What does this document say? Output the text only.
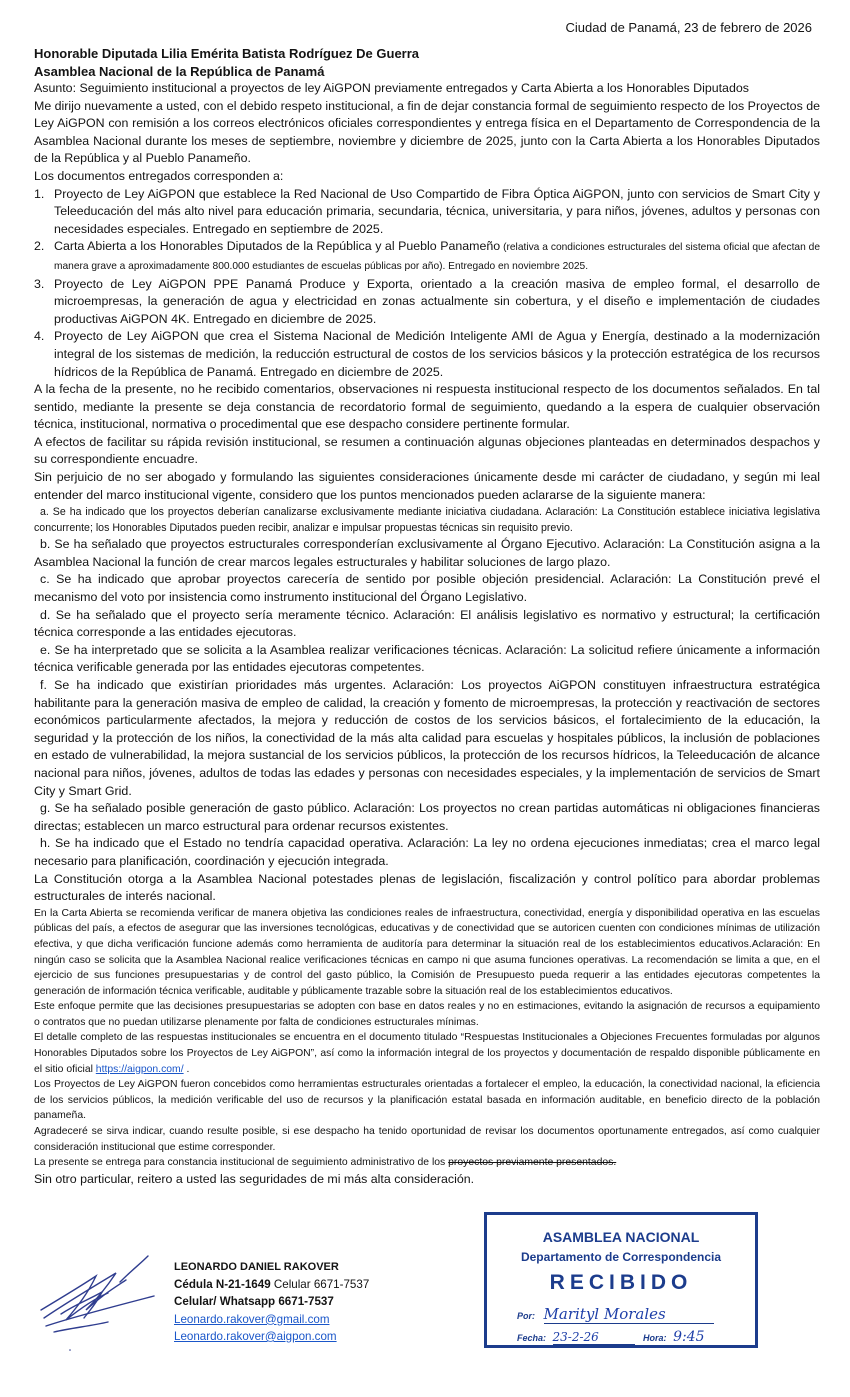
Ciudad de Panamá, 23 de febrero de 2026
Honorable Diputada Lilia Emérita Batista Rodríguez De Guerra
Asamblea Nacional de la República de Panamá

Asunto: Seguimiento institucional a proyectos de ley AiGPON previamente entregados y Carta Abierta a los Honorables Diputados

Me dirijo nuevamente a usted, con el debido respeto institucional, a fin de dejar constancia formal de seguimiento respecto de los Proyectos de Ley AiGPON con remisión a los correos electrónicos oficiales correspondientes y entrega física en el Departamento de Correspondencia de la Asamblea Nacional durante los meses de septiembre, noviembre y diciembre de 2025, junto con la Carta Abierta a los Honorables Diputados de la República y al Pueblo Panameño.

Los documentos entregados corresponden a:

1. Proyecto de Ley AiGPON que establece la Red Nacional de Uso Compartido de Fibra Óptica AiGPON, junto con servicios de Smart City y Teleeducación del más alto nivel para educación primaria, secundaria, técnica, universitaria, y para niños, jóvenes, adultos y personas con necesidades especiales. Entregado en septiembre de 2025.
2. Carta Abierta a los Honorables Diputados de la República y al Pueblo Panameño (relativa a condiciones estructurales del sistema oficial que afectan de manera grave a aproximadamente 800.000 estudiantes de escuelas públicas por año). Entregado en noviembre 2025.
3. Proyecto de Ley AiGPON PPE Panamá Produce y Exporta, orientado a la creación masiva de empleo formal, el desarrollo de microempresas, la generación de agua y electricidad en zonas actualmente sin cobertura, y el diseño e implementación de ciudades productivas AiGPON 4K. Entregado en diciembre de 2025.
4. Proyecto de Ley AiGPON que crea el Sistema Nacional de Medición Inteligente AMI de Agua y Energía, destinado a la modernización integral de los sistemas de medición, la reducción estructural de costos de los servicios básicos y la protección estratégica de los recursos hídricos de la República de Panamá. Entregado en diciembre de 2025.

A la fecha de la presente, no he recibido comentarios, observaciones ni respuesta institucional respecto de los documentos señalados. En tal sentido, mediante la presente se deja constancia de recordatorio formal de seguimiento, quedando a la espera de cualquier observación técnica, institucional, normativa o procedimental que ese despacho considere pertinente formular.

A efectos de facilitar su rápida revisión institucional, se resumen a continuación algunas objeciones planteadas en determinados despachos y su correspondiente encuadre.

Sin perjuicio de no ser abogado y formulando las siguientes consideraciones únicamente desde mi carácter de ciudadano, y según mi leal entender del marco institucional vigente, considero que los puntos mencionados pueden aclararse de la siguiente manera:

a. Se ha indicado que los proyectos deberían canalizarse exclusivamente mediante iniciativa ciudadana. Aclaración: La Constitución establece iniciativa legislativa concurrente; los Honorables Diputados pueden recibir, analizar e impulsar propuestas técnicas sin requisito previo.

b. Se ha señalado que proyectos estructurales corresponderían exclusivamente al Órgano Ejecutivo. Aclaración: La Constitución asigna a la Asamblea Nacional la función de crear marcos legales estructurales y habilitar soluciones de largo plazo.

c. Se ha indicado que aprobar proyectos carecería de sentido por posible objeción presidencial. Aclaración: La Constitución prevé el mecanismo del voto por insistencia como instrumento institucional del Órgano Legislativo.

d. Se ha señalado que el proyecto sería meramente técnico. Aclaración: El análisis legislativo es normativo y estructural; la certificación técnica corresponde a las entidades ejecutoras.

e. Se ha interpretado que se solicita a la Asamblea realizar verificaciones técnicas. Aclaración: La solicitud refiere únicamente a información técnica verificable generada por las entidades ejecutoras competentes.

f. Se ha indicado que existirían prioridades más urgentes. Aclaración: Los proyectos AiGPON constituyen infraestructura estratégica habilitante para la generación masiva de empleo de calidad, la creación y fomento de microempresas, la protección y reactivación de sectores económicos particularmente afectados, la mejora y reducción de costos de los servicios básicos, el fortalecimiento de la educación, la seguridad y la protección de los niños, la conectividad de la más alta calidad para escuelas y hospitales públicos, la inclusión de poblaciones en estado de vulnerabilidad, la mejora sustancial de los servicios públicos, la protección de los recursos hídricos, la Teleeducación de alcance nacional para niños, jóvenes, adultos de todas las edades y personas con necesidades especiales, y la implementación de servicios de Smart City y Smart Grid.

g. Se ha señalado posible generación de gasto público. Aclaración: Los proyectos no crean partidas automáticas ni obligaciones financieras directas; establecen un marco estructural para ordenar recursos existentes.

h. Se ha indicado que el Estado no tendría capacidad operativa. Aclaración: La ley no ordena ejecuciones inmediatas; crea el marco legal necesario para planificación, coordinación y ejecución integrada.

La Constitución otorga a la Asamblea Nacional potestades plenas de legislación, fiscalización y control político para abordar problemas estructurales de interés nacional.

En la Carta Abierta se recomienda verificar de manera objetiva las condiciones reales de infraestructura, conectividad, energía y disponibilidad operativa en las escuelas públicas del país, a efectos de asegurar que las inversiones tecnológicas, educativas y de conectividad que se autoricen cuenten con condiciones mínimas de utilización efectiva, y que dicha verificación funcione además como herramienta de auditoría para determinar la situación real de los establecimientos educativos.Aclaración: En ningún caso se solicita que la Asamblea Nacional realice verificaciones técnicas en campo ni que asuma funciones operativas. La recomendación se limita a que, en el ejercicio de sus funciones presupuestarias y de control del gasto público, la Comisión de Presupuesto pueda requerir a las entidades ejecutoras competentes la generación de información técnica verificable, auditable y públicamente trazable sobre la situación real de los establecimientos educativos.

Este enfoque permite que las decisiones presupuestarias se adopten con base en datos reales y no en estimaciones, evitando la asignación de recursos a equipamiento o contratos que no puedan utilizarse plenamente por falta de condiciones estructurales mínimas.

El detalle completo de las respuestas institucionales se encuentra en el documento titulado “Respuestas Institucionales a Objeciones Frecuentes formuladas por algunos Honorables Diputados sobre los Proyectos de Ley AiGPON”, así como la información integral de los proyectos y documentación de respaldo disponible públicamente en el sitio oficial https://aigpon.com/ .

Los Proyectos de Ley AiGPON fueron concebidos como herramientas estructurales orientadas a fortalecer el empleo, la educación, la conectividad nacional, la eficiencia de los servicios públicos, la medición verificable del uso de recursos y la planificación estatal basada en información auditable, en beneficio directo de la población panameña.

Agradeceré se sirva indicar, cuando resulte posible, si ese despacho ha tenido oportunidad de revisar los documentos oportunamente entregados, así como cualquier consideración institucional que estime corresponder.

La presente se entrega para constancia institucional de seguimiento administrativo de los proyectos previamente presentados.

Sin otro particular, reitero a usted las seguridades de mi más alta consideración.

LEONARDO DANIEL RAKOVER
Cédula N-21-1649 Celular 6671-7537
Celular/ Whatsapp 6671-7537
Leonardo.rakover@gmail.com
Leonardo.rakover@aigpon.com
ASAMBLEA NACIONAL
Departamento de Correspondencia
RECIBIDO
Por: Marityl Morales
Fecha: 23-2-26	Hora: 9:45
